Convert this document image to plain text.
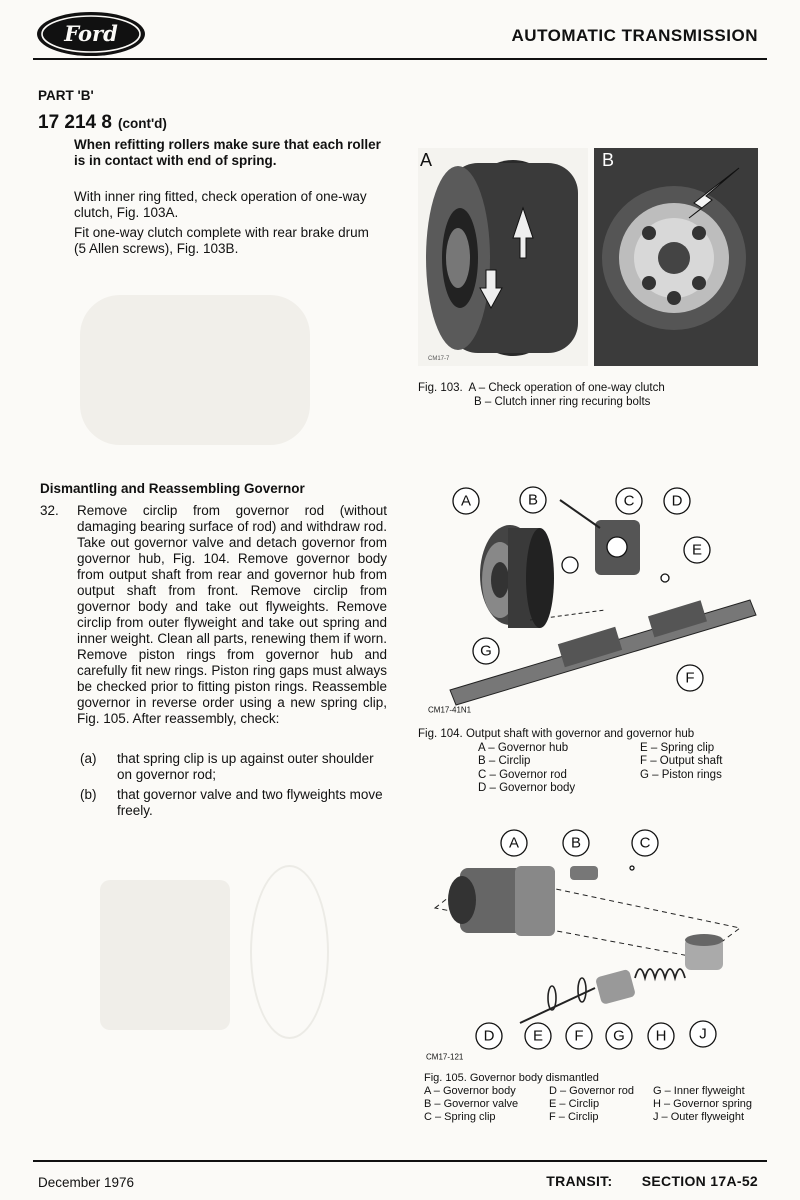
Ford	AUTOMATIC TRANSMISSION
PART 'B'
17 214 8 (cont'd)
When refitting rollers make sure that each roller is in contact with end of spring.
With inner ring fitted, check operation of one-way clutch, Fig. 103A.
Fit one-way clutch complete with rear brake drum (5 Allen screws), Fig. 103B.
CM17-7
A	B
Fig. 103. A – Check operation of one-way clutch
B – Clutch inner ring recuring bolts
Dismantling and Reassembling Governor
32. Remove circlip from governor rod (without damaging bearing surface of rod) and withdraw rod. Take out governor valve and detach governor from governor hub, Fig. 104. Remove governor body from output shaft from rear and governor hub from output shaft from front. Remove circlip from governor body and take out flyweights. Remove circlip from outer flyweight and take out spring and inner weight. Clean all parts, renewing them if worn. Remove piston rings from governor hub and carefully fit new rings. Piston ring gaps must always be checked prior to fitting piston rings. Reassemble governor in reverse order using a new spring clip, Fig. 105. After reassembly, check:
(a) that spring clip is up against outer shoulder on governor rod;
(b) that governor valve and two flyweights move freely.
A	B	C D
E
G
F
CM17-41N1
Fig. 104. Output shaft with governor and governor hub
A – Governor hub
B – Circlip
C – Governor rod
D – Governor body
E – Spring clip
F – Output shaft
G – Piston rings
A	B	C
D	E F G H J
CM17-121
Fig. 105. Governor body dismantled
A – Governor body
B – Governor valve
C – Spring clip
D – Governor rod
E – Circlip
F – Circlip
G – Inner flyweight
H – Governor spring
J – Outer flyweight
December 1976	TRANSIT: SECTION 17A-52
